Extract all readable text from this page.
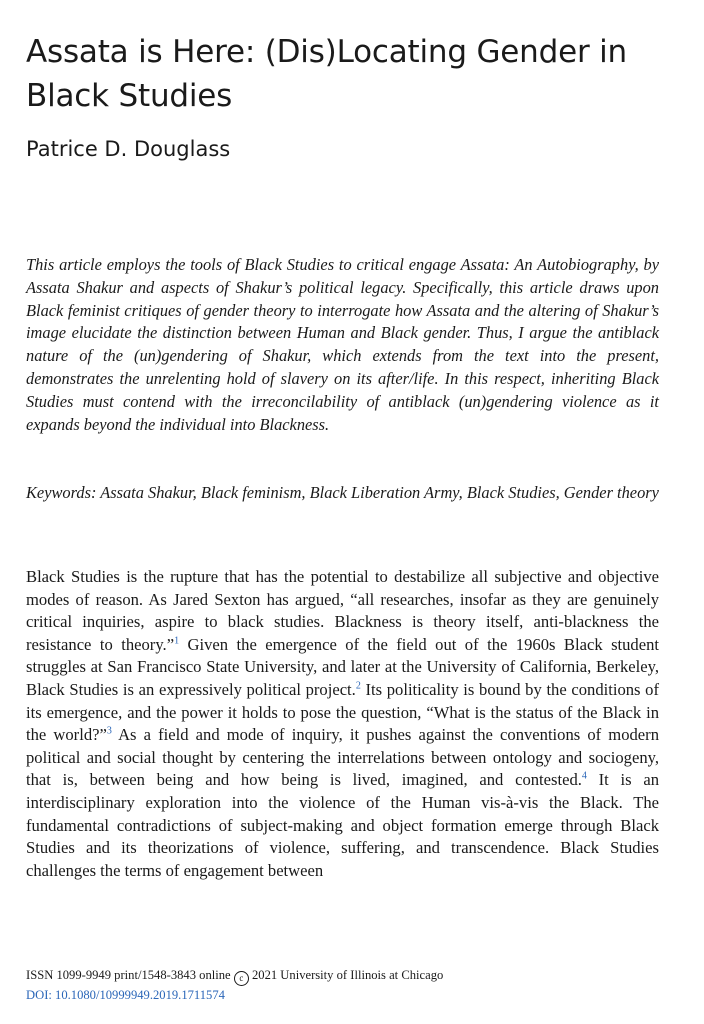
Assata is Here: (Dis)Locating Gender in Black Studies
Patrice D. Douglass

This article employs the tools of Black Studies to critical engage Assata: An Autobiography, by Assata Shakur and aspects of Shakur’s political legacy. Specifically, this article draws upon Black feminist critiques of gender theory to interrogate how Assata and the altering of Shakur’s image elucidate the distinction between Human and Black gender. Thus, I argue the antiblack nature of the (un)gendering of Shakur, which extends from the text into the present, demonstrates the unrelenting hold of slavery on its after/life. In this respect, inheriting Black Studies must contend with the irreconcilability of antiblack (un)gendering violence as it expands beyond the individual into Blackness.

Keywords: Assata Shakur, Black feminism, Black Liberation Army, Black Studies, Gender theory

Black Studies is the rupture that has the potential to destabilize all subjective and objective modes of reason. As Jared Sexton has argued, “all researches, insofar as they are genuinely critical inquiries, aspire to black studies. Blackness is theory itself, anti-blackness the resistance to theory.”$^1$ Given the emergence of the field out of the 1960s Black student struggles at San Francisco State University, and later at the University of California, Berkeley, Black Studies is an expressively political project.$^2$ Its politicality is bound by the conditions of its emergence, and the power it holds to pose the question, “What is the status of the Black in the world?”$^3$ As a field and mode of inquiry, it pushes against the conventions of modern political and social thought by centering the interrelations between ontology and sociogeny, that is, between being and how being is lived, imagined, and contested.$^4$ It is an interdisciplinary exploration into the violence of the Human vis-à-vis the Black. The fundamental contradictions of subject-making and object formation emerge through Black Studies and its theorizations of violence, suffering, and transcendence. Black Studies challenges the terms of engagement between

ISSN 1099-9949 print/1548-3843 online c 2021 University of Illinois at Chicago
DOI: 10.1080/10999949.2019.1711574
